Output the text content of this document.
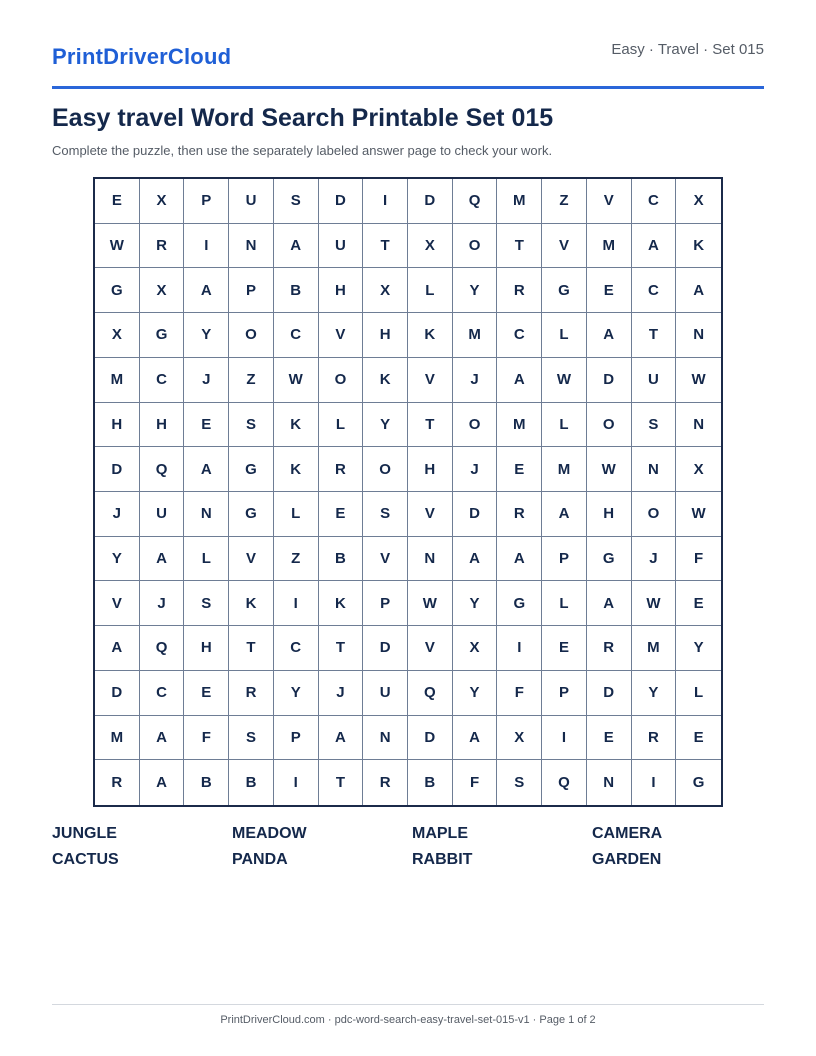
PrintDriverCloud	Easy · Travel · Set 015
Easy travel Word Search Printable Set 015
Complete the puzzle, then use the separately labeled answer page to check your work.
E	X	P	U	S	D	I	D	Q	M	Z	V	C	X
W	R	I	N	A	U	T	X	O	T	V	M	A	K
G	X	A	P	B	H	X	L	Y	R	G	E	C	A
X	G	Y	O	C	V	H	K	M	C	L	A	T	N
M	C	J	Z	W	O	K	V	J	A	W	D	U	W
H	H	E	S	K	L	Y	T	O	M	L	O	S	N
D	Q	A	G	K	R	O	H	J	E	M	W	N	X
J	U	N	G	L	E	S	V	D	R	A	H	O	W
Y	A	L	V	Z	B	V	N	A	A	P	G	J	F
V	J	S	K	I	K	P	W	Y	G	L	A	W	E
A	Q	H	T	C	T	D	V	X	I	E	R	M	Y
D	C	E	R	Y	J	U	Q	Y	F	P	D	Y	L
M	A	F	S	P	A	N	D	A	X	I	E	R	E
R	A	B	B	I	T	R	B	F	S	Q	N	I	G
JUNGLE	MEADOW	MAPLE	CAMERA
CACTUS	PANDA	RABBIT	GARDEN
PrintDriverCloud.com · pdc-word-search-easy-travel-set-015-v1 · Page 1 of 2
